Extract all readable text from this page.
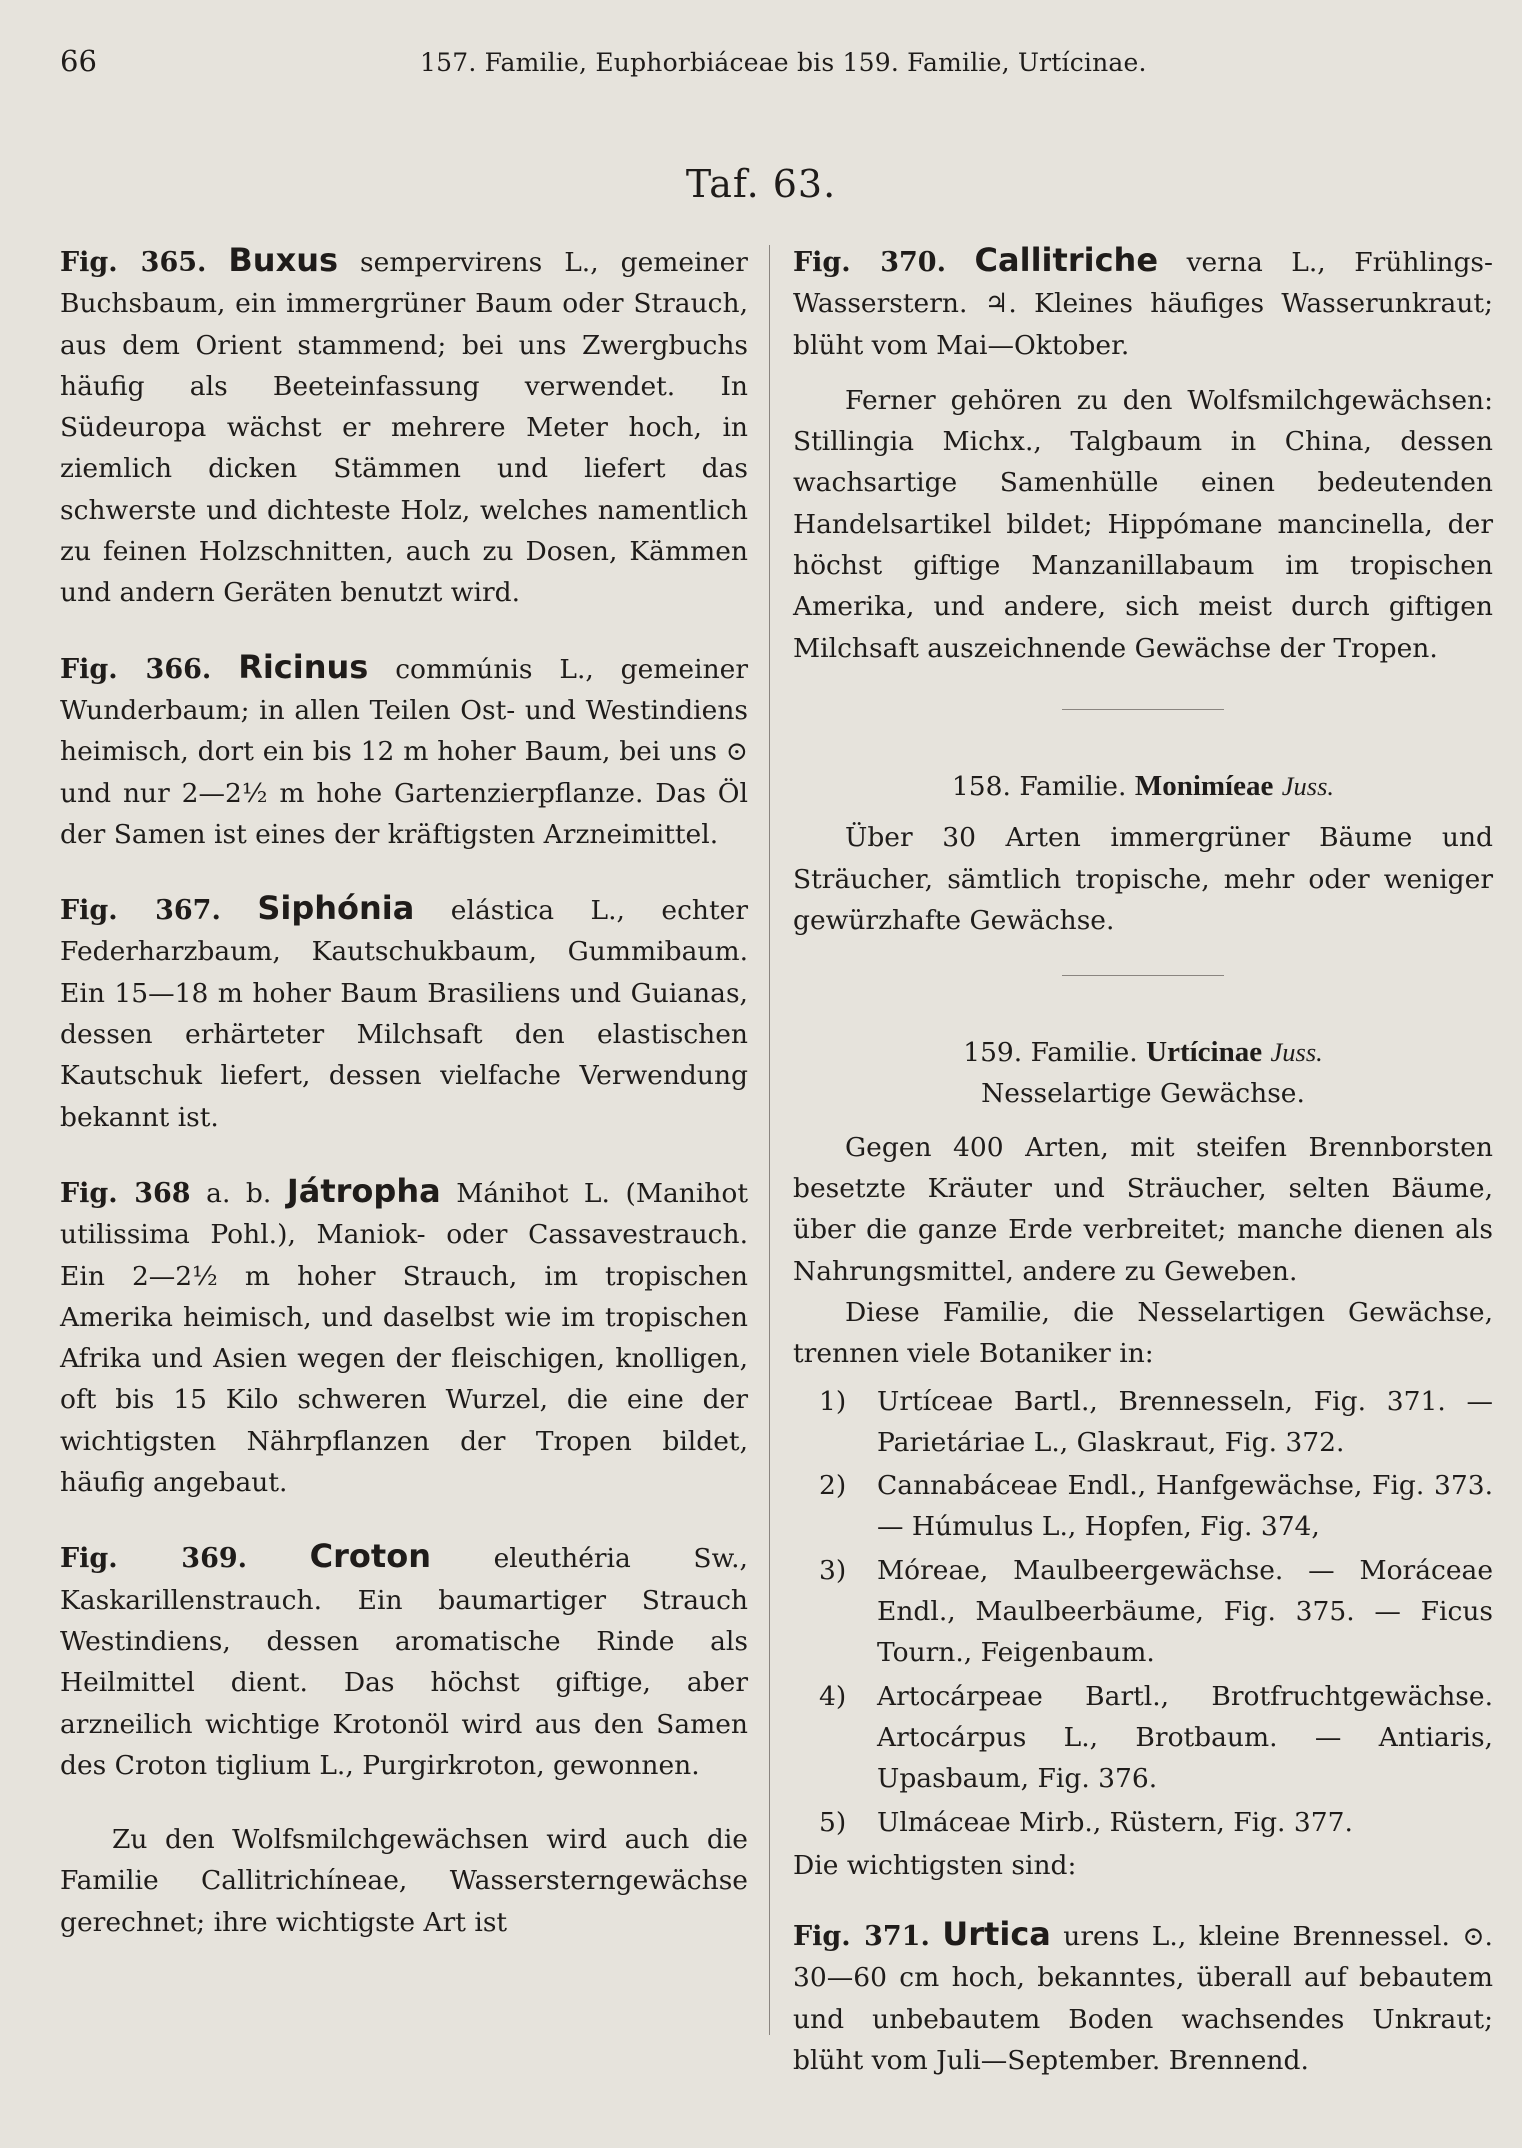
66	157. Familie, Euphorbiáceae bis 159. Familie, Urtícinae.
Taf. 63.
Fig. 365. Buxus sempervirens L., gemeiner Buchsbaum, ein immergrüner Baum oder Strauch, aus dem Orient stammend; bei uns Zwergbuchs häufig als Beeteinfassung verwendet. In Südeuropa wächst er mehrere Meter hoch, in ziemlich dicken Stämmen und liefert das schwerste und dichteste Holz, welches namentlich zu feinen Holzschnitten, auch zu Dosen, Kämmen und andern Geräten benutzt wird.
Fig. 366. Ricinus commúnis L., gemeiner Wunderbaum; in allen Teilen Ost- und Westindiens heimisch, dort ein bis 12 m hoher Baum, bei uns ⊙ und nur 2—2½ m hohe Gartenzierpflanze. Das Öl der Samen ist eines der kräftigsten Arzneimittel.
Fig. 367. Siphónia elástica L., echter Federharzbaum, Kautschukbaum, Gummibaum. Ein 15—18 m hoher Baum Brasiliens und Guianas, dessen erhärteter Milchsaft den elastischen Kautschuk liefert, dessen vielfache Verwendung bekannt ist.
Fig. 368 a. b. Játropha Mánihot L. (Manihot utilissima Pohl.), Maniok- oder Cassavestrauch. Ein 2—2½ m hoher Strauch, im tropischen Amerika heimisch, und daselbst wie im tropischen Afrika und Asien wegen der fleischigen, knolligen, oft bis 15 Kilo schweren Wurzel, die eine der wichtigsten Nährpflanzen der Tropen bildet, häufig angebaut.
Fig. 369. Croton eleuthéria Sw., Kaskarillenstrauch. Ein baumartiger Strauch Westindiens, dessen aromatische Rinde als Heilmittel dient. Das höchst giftige, aber arzneilich wichtige Krotonöl wird aus den Samen des Croton tiglium L., Purgirkroton, gewonnen.

Zu den Wolfsmilchgewächsen wird auch die Familie Callitrichíneae, Wassersterngewächse gerechnet; ihre wichtigste Art ist

Fig. 370. Callitriche verna L., Frühlings-Wasserstern. ♃. Kleines häufiges Wasserunkraut; blüht vom Mai—Oktober.

Ferner gehören zu den Wolfsmilchgewächsen: Stillingia Michx., Talgbaum in China, dessen wachsartige Samenhülle einen bedeutenden Handelsartikel bildet; Hippómane mancinella, der höchst giftige Manzanillabaum im tropischen Amerika, und andere, sich meist durch giftigen Milchsaft auszeichnende Gewächse der Tropen.

158. Familie. Monimíeae Juss.

Über 30 Arten immergrüner Bäume und Sträucher, sämtlich tropische, mehr oder weniger gewürzhafte Gewächse.

159. Familie. Urtícinae Juss.

Nesselartige Gewächse.

Gegen 400 Arten, mit steifen Brennborsten besetzte Kräuter und Sträucher, selten Bäume, über die ganze Erde verbreitet; manche dienen als Nahrungsmittel, andere zu Geweben.

Diese Familie, die Nesselartigen Gewächse, trennen viele Botaniker in:

1) Urtíceae Bartl., Brennesseln, Fig. 371. — Parietáriae L., Glaskraut, Fig. 372.
2) Cannabáceae Endl., Hanfgewächse, Fig. 373. — Húmulus L., Hopfen, Fig. 374,
3) Móreae, Maulbeergewächse. — Moráceae Endl., Maulbeerbäume, Fig. 375. — Ficus Tourn., Feigenbaum.
4) Artocárpeae Bartl., Brotfruchtgewächse. Artocárpus L., Brotbaum. — Antiaris, Upasbaum, Fig. 376.
5) Ulmáceae Mirb., Rüstern, Fig. 377.

Die wichtigsten sind:

Fig. 371. Urtica urens L., kleine Brennessel. ⊙. 30—60 cm hoch, bekanntes, überall auf bebautem und unbebautem Boden wachsendes Unkraut; blüht vom Juli—September. Brennend.
